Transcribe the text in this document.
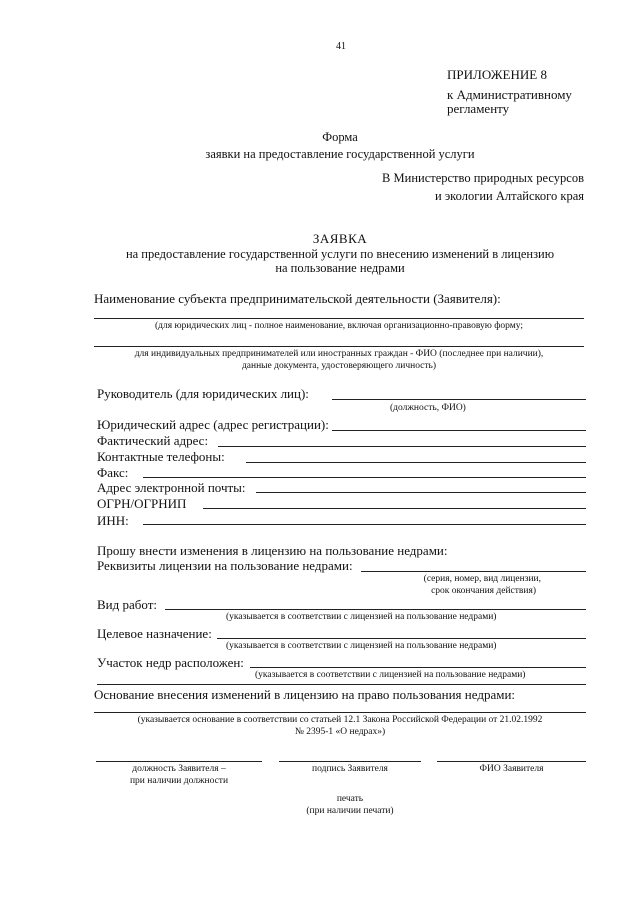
41
ПРИЛОЖЕНИЕ 8
к Административному
регламенту
Форма
заявки на предоставление государственной услуги
В Министерство природных ресурсов
и экологии Алтайского края
ЗАЯВКА
на предоставление государственной услуги по внесению изменений в лицензию
на пользование недрами
Наименование субъекта предпринимательской деятельности (Заявителя):
(для юридических лиц - полное наименование, включая организационно-правовую форму;
для индивидуальных предпринимателей или иностранных граждан - ФИО (последнее при наличии),
данные документа, удостоверяющего личность)
Руководитель (для юридических лиц):
(должность, ФИО)
Юридический адрес (адрес регистрации):
Фактический адрес:
Контактные телефоны:
Факс:
Адрес электронной почты:
ОГРН/ОГРНИП
ИНН:
Прошу внести изменения в лицензию на пользование недрами:
Реквизиты лицензии на пользование недрами:
(серия, номер, вид лицензии,
срок окончания действия)
Вид работ:
(указывается в соответствии с лицензией на пользование недрами)
Целевое назначение:
(указывается в соответствии с лицензией на пользование недрами)
Участок недр расположен:
(указывается в соответствии с лицензией на пользование недрами)
Основание внесения изменений в лицензию на право пользования недрами:
(указывается основание в соответствии со статьей 12.1 Закона Российской Федерации от 21.02.1992
№ 2395-1 «О недрах»)
должность Заявителя –
при наличии должности
подпись Заявителя	ФИО Заявителя
печать
(при наличии печати)
